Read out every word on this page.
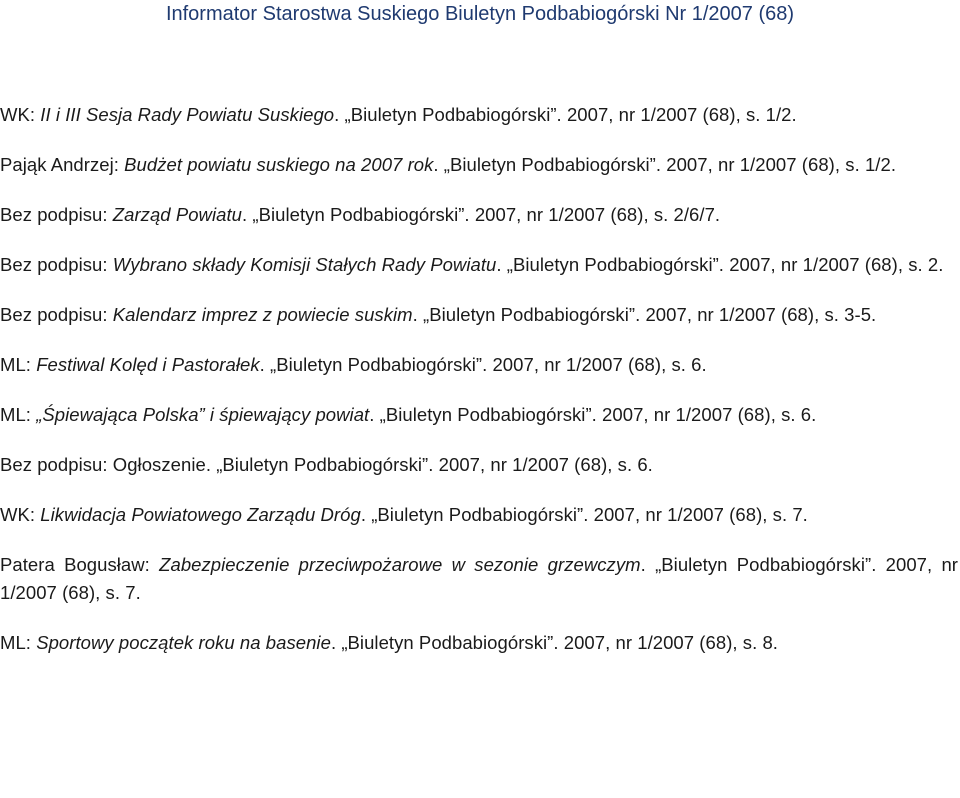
Informator Starostwa Suskiego Biuletyn Podbabiogórski Nr 1/2007 (68)

WK: II i III Sesja Rady Powiatu Suskiego. „Biuletyn Podbabiogórski”. 2007, nr 1/2007 (68), s. 1/2.

Pająk Andrzej: Budżet powiatu suskiego na 2007 rok. „Biuletyn Podbabiogórski”. 2007, nr 1/2007 (68), s. 1/2.

Bez podpisu: Zarząd Powiatu. „Biuletyn Podbabiogórski”. 2007, nr 1/2007 (68), s. 2/6/7.

Bez podpisu: Wybrano składy Komisji Stałych Rady Powiatu. „Biuletyn Podbabiogórski”. 2007, nr 1/2007 (68), s. 2.

Bez podpisu: Kalendarz imprez z powiecie suskim. „Biuletyn Podbabiogórski”. 2007, nr 1/2007 (68), s. 3-5.

ML: Festiwal Kolęd i Pastorałek. „Biuletyn Podbabiogórski”. 2007, nr 1/2007 (68), s. 6.

ML: „Śpiewająca Polska” i śpiewający powiat. „Biuletyn Podbabiogórski”. 2007, nr 1/2007 (68), s. 6.

Bez podpisu: Ogłoszenie. „Biuletyn Podbabiogórski”. 2007, nr 1/2007 (68), s. 6.

WK: Likwidacja Powiatowego Zarządu Dróg. „Biuletyn Podbabiogórski”. 2007, nr 1/2007 (68), s. 7.

Patera Bogusław: Zabezpieczenie przeciwpożarowe w sezonie grzewczym. „Biuletyn Podbabiogórski”. 2007, nr 1/2007 (68), s. 7.

ML: Sportowy początek roku na basenie. „Biuletyn Podbabiogórski”. 2007, nr 1/2007 (68), s. 8.
